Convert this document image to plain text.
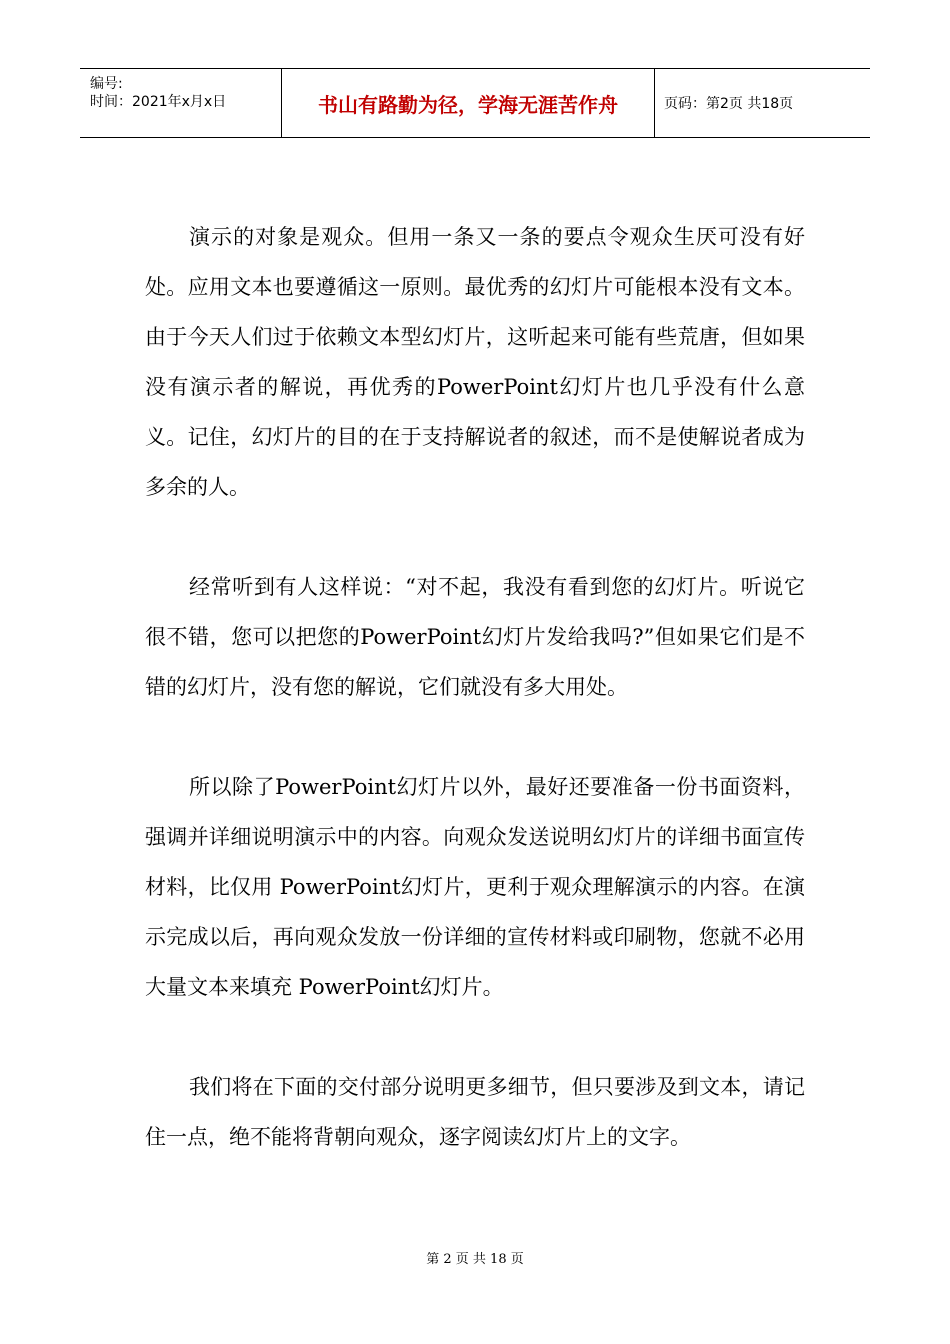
编号:
时间：2021年x月x日	书山有路勤为径，学海无涯苦作舟	页码：第2页 共18页

演示的对象是观众。但用一条又一条的要点令观众生厌可没有好处。应用文本也要遵循这一原则。最优秀的幻灯片可能根本没有文本。由于今天人们过于依赖文本型幻灯片，这听起来可能有些荒唐，但如果没有演示者的解说，再优秀的PowerPoint幻灯片也几乎没有什么意义。记住，幻灯片的目的在于支持解说者的叙述，而不是使解说者成为多余的人。

经常听到有人这样说：“对不起，我没有看到您的幻灯片。听说它很不错，您可以把您的PowerPoint幻灯片发给我吗?”但如果它们是不错的幻灯片，没有您的解说，它们就没有多大用处。

所以除了PowerPoint幻灯片以外，最好还要准备一份书面资料，强调并详细说明演示中的内容。向观众发送说明幻灯片的详细书面宣传材料，比仅用 PowerPoint幻灯片，更利于观众理解演示的内容。在演示完成以后，再向观众发放一份详细的宣传材料或印刷物，您就不必用大量文本来填充 PowerPoint幻灯片。

我们将在下面的交付部分说明更多细节，但只要涉及到文本，请记住一点，绝不能将背朝向观众，逐字阅读幻灯片上的文字。

第 2 页 共 18 页
